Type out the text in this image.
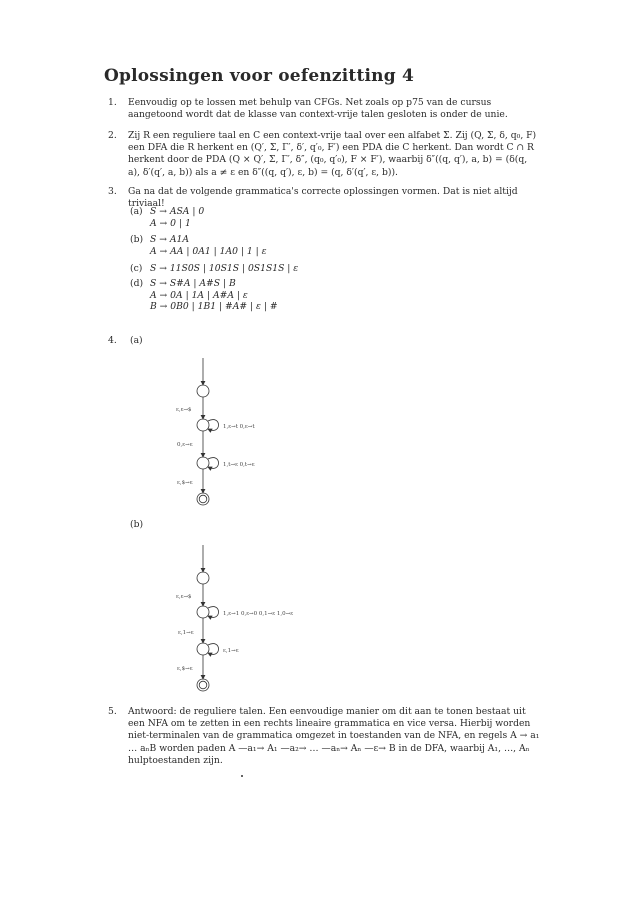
Oplossingen voor oefenzitting 4
1.	Eenvoudig op te lossen met behulp van CFGs. Net zoals op p75 van de cursus aangetoond wordt dat de klasse van context-vrije talen gesloten is onder de unie.
2.	Zij R een reguliere taal en C een context-vrije taal over een alfabet Σ. Zij (Q, Σ, δ, q₀, F) een DFA die R herkent en (Q′, Σ, Γ′, δ′, q′₀, F′) een PDA die C herkent. Dan wordt C ∩ R herkent door de PDA (Q × Q′, Σ, Γ′, δ″, (q₀, q′₀), F × F′), waarbij δ″((q, q′), a, b) = (δ(q, a), δ′(q′, a, b)) als a ≠ ε en δ″((q, q′), ε, b) = (q, δ′(q′, ε, b)).
3.	Ga na dat de volgende grammatica's correcte oplossingen vormen. Dat is niet altijd triviaal!
(a) S → ASA | 0
A → 0 | 1
(b) S → A1A
A → AA | 0A1 | 1A0 | 1 | ε
(c) S → 11S0S | 10S1S | 0S1S1S | ε
(d) S → S#A | A#S | B
A → 0A | 1A | A#A | ε
B → 0B0 | 1B1 | #A# | ε | #
4.	(a)
(b)
ε,ε→$
1,ε→t 0,ε→t
0,ε→ε
1,t→ε 0,t→ε
ε,$→ε
ε,ε→$
1,ε→1 0,ε→0 0,1→ε 1,0→ε
ε,1→ε
ε,1→ε
ε,$→ε
5.	Antwoord: de reguliere talen. Een eenvoudige manier om dit aan te tonen bestaat uit een NFA om te zetten in een rechts lineaire grammatica en vice versa. Hierbij worden niet-terminalen van de grammatica omgezet in toestanden van de NFA, en regels A → a₁ … aₙB worden paden A —a₁→ A₁ —a₂→ … —aₙ→ Aₙ —ε→ B in de DFA, waarbij A₁, …, Aₙ hulptoestanden zijn.
